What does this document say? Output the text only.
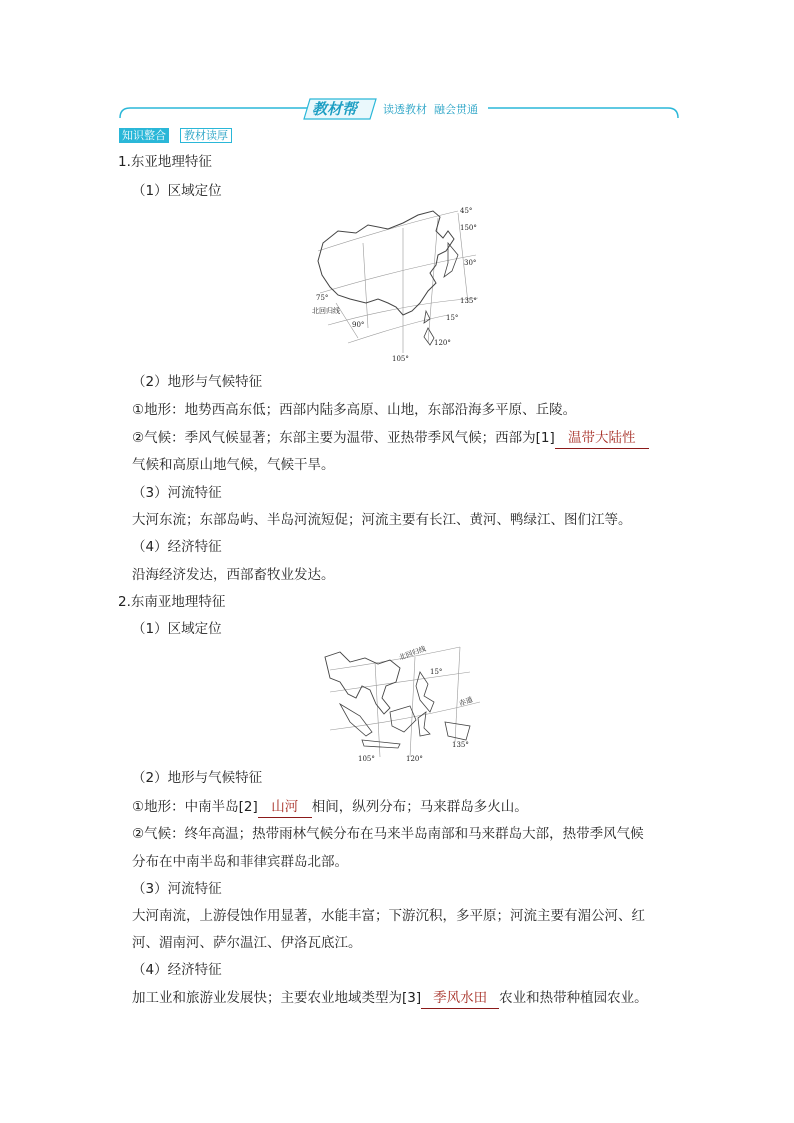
教材帮 读透教材  融会贯通
知识整合	教材读厚
1.东亚地理特征
（1）区域定位
45°
150°
30°
135°
75°
北回归线
15°
90°
120°
105°
（2）地形与气候特征
①地形：地势西高东低；西部内陆多高原、山地，东部沿海多平原、丘陵。
②气候：季风气候显著；东部主要为温带、亚热带季风气候；西部为[1] 温带大陆性
气候和高原山地气候，气候干旱。
（3）河流特征
大河东流；东部岛屿、半岛河流短促；河流主要有长江、黄河、鸭绿江、图们江等。
（4）经济特征
沿海经济发达，西部畜牧业发达。
2.东南亚地理特征
（1）区域定位
北回归线
15°
赤道
135°
105°	120°
（2）地形与气候特征
①地形：中南半岛[2] 山河 相间，纵列分布；马来群岛多火山。
②气候：终年高温；热带雨林气候分布在马来半岛南部和马来群岛大部，热带季风气候
分布在中南半岛和菲律宾群岛北部。
（3）河流特征
大河南流，上游侵蚀作用显著，水能丰富；下游沉积，多平原；河流主要有湄公河、红
河、湄南河、萨尔温江、伊洛瓦底江。
（4）经济特征
加工业和旅游业发展快；主要农业地域类型为[3] 季风水田 农业和热带种植园农业。
